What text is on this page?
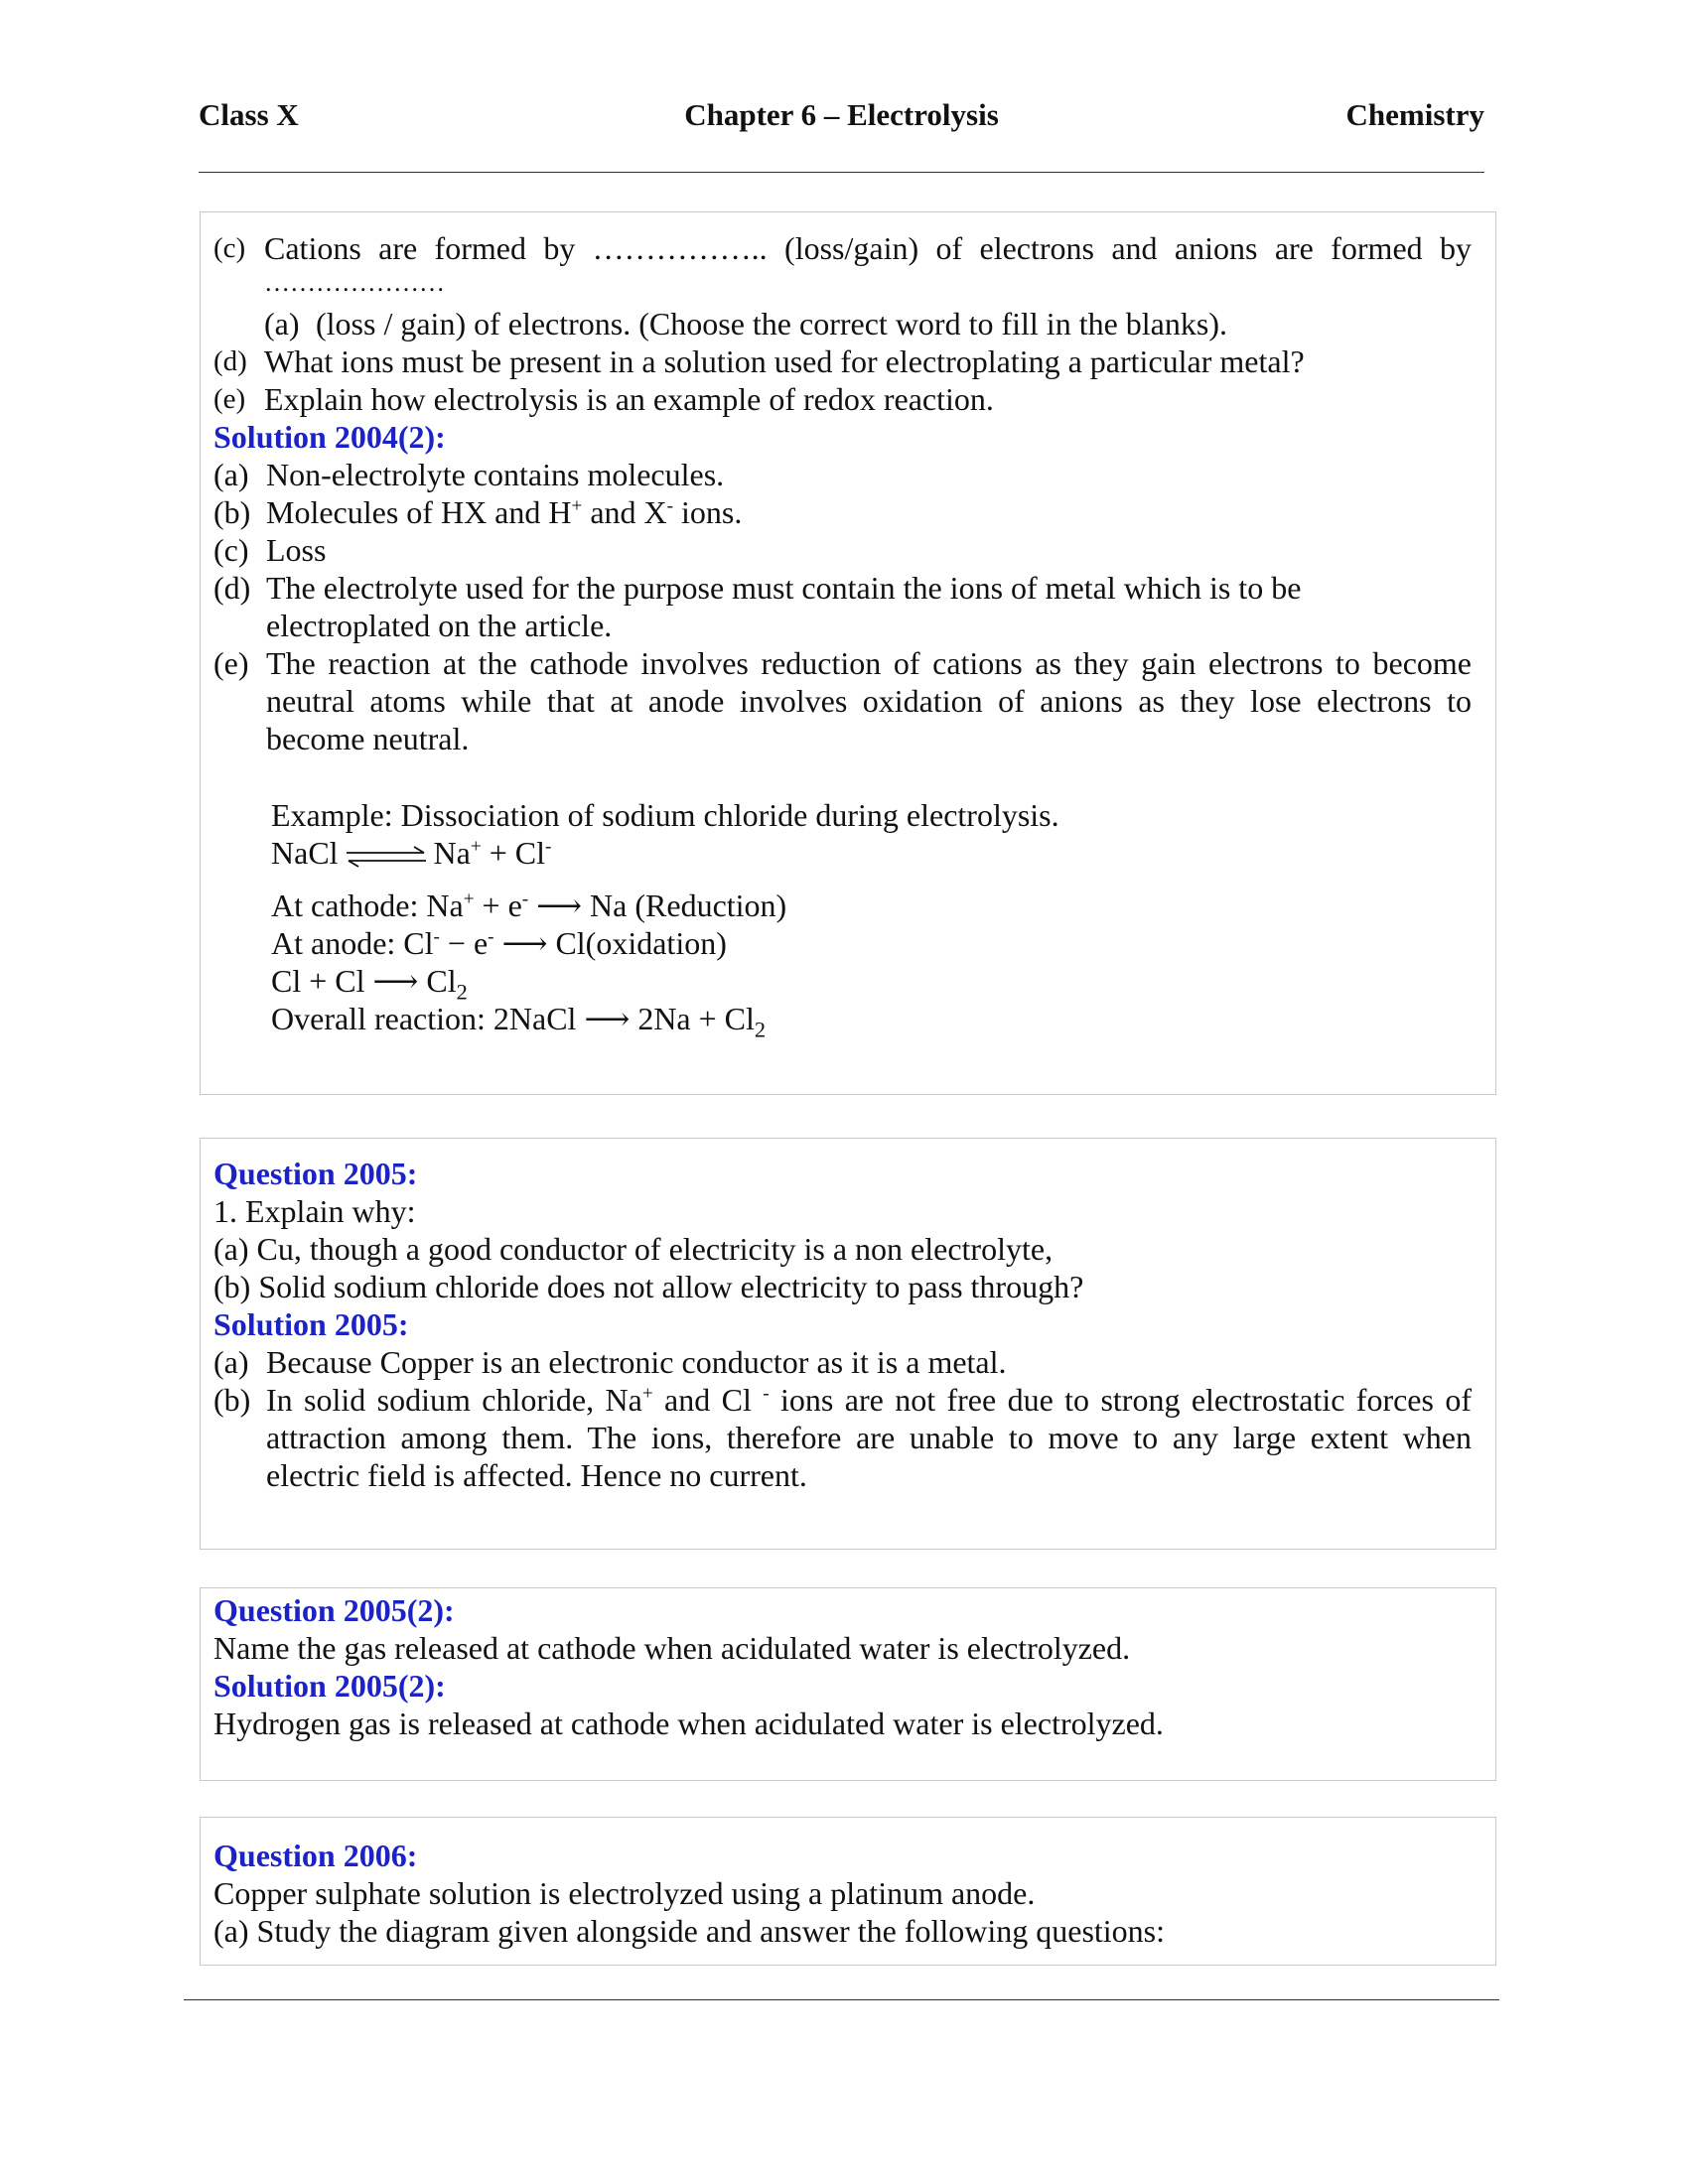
Class X	Chapter 6 – Electrolysis	Chemistry
(c) Cations are formed by …………….. (loss/gain) of electrons and anions are formed by
…………………
(a) (loss / gain) of electrons. (Choose the correct word to fill in the blanks).
(d) What ions must be present in a solution used for electroplating a particular metal?
(e) Explain how electrolysis is an example of redox reaction.
Solution 2004(2):
(a) Non-electrolyte contains molecules.
(b) Molecules of HX and H+ and X- ions.
(c) Loss
(d) The electrolyte used for the purpose must contain the ions of metal which is to be
electroplated on the article.
(e) The reaction at the cathode involves reduction of cations as they gain electrons to become
neutral atoms while that at anode involves oxidation of anions as they lose electrons to
become neutral.
Example: Dissociation of sodium chloride during electrolysis.
NaCl ⇌ Na+ + Cl-
At cathode: Na+ + e- ⟶ Na (Reduction)
At anode: Cl- − e- ⟶ Cl(oxidation)
Cl + Cl ⟶ $Cl_2$
Overall reaction: 2NaCl ⟶ $2Na + Cl_2$
Question 2005:
1. Explain why:
(a) Cu, though a good conductor of electricity is a non electrolyte,
(b) Solid sodium chloride does not allow electricity to pass through?
Solution 2005:
(a) Because Copper is an electronic conductor as it is a metal.
(b) In solid sodium chloride, Na+ and Cl - ions are not free due to strong electrostatic forces of
attraction among them. The ions, therefore are unable to move to any large extent when
electric field is affected. Hence no current.
Question 2005(2):
Name the gas released at cathode when acidulated water is electrolyzed.
Solution 2005(2):
Hydrogen gas is released at cathode when acidulated water is electrolyzed.
Question 2006:
Copper sulphate solution is electrolyzed using a platinum anode.
(a) Study the diagram given alongside and answer the following questions:
